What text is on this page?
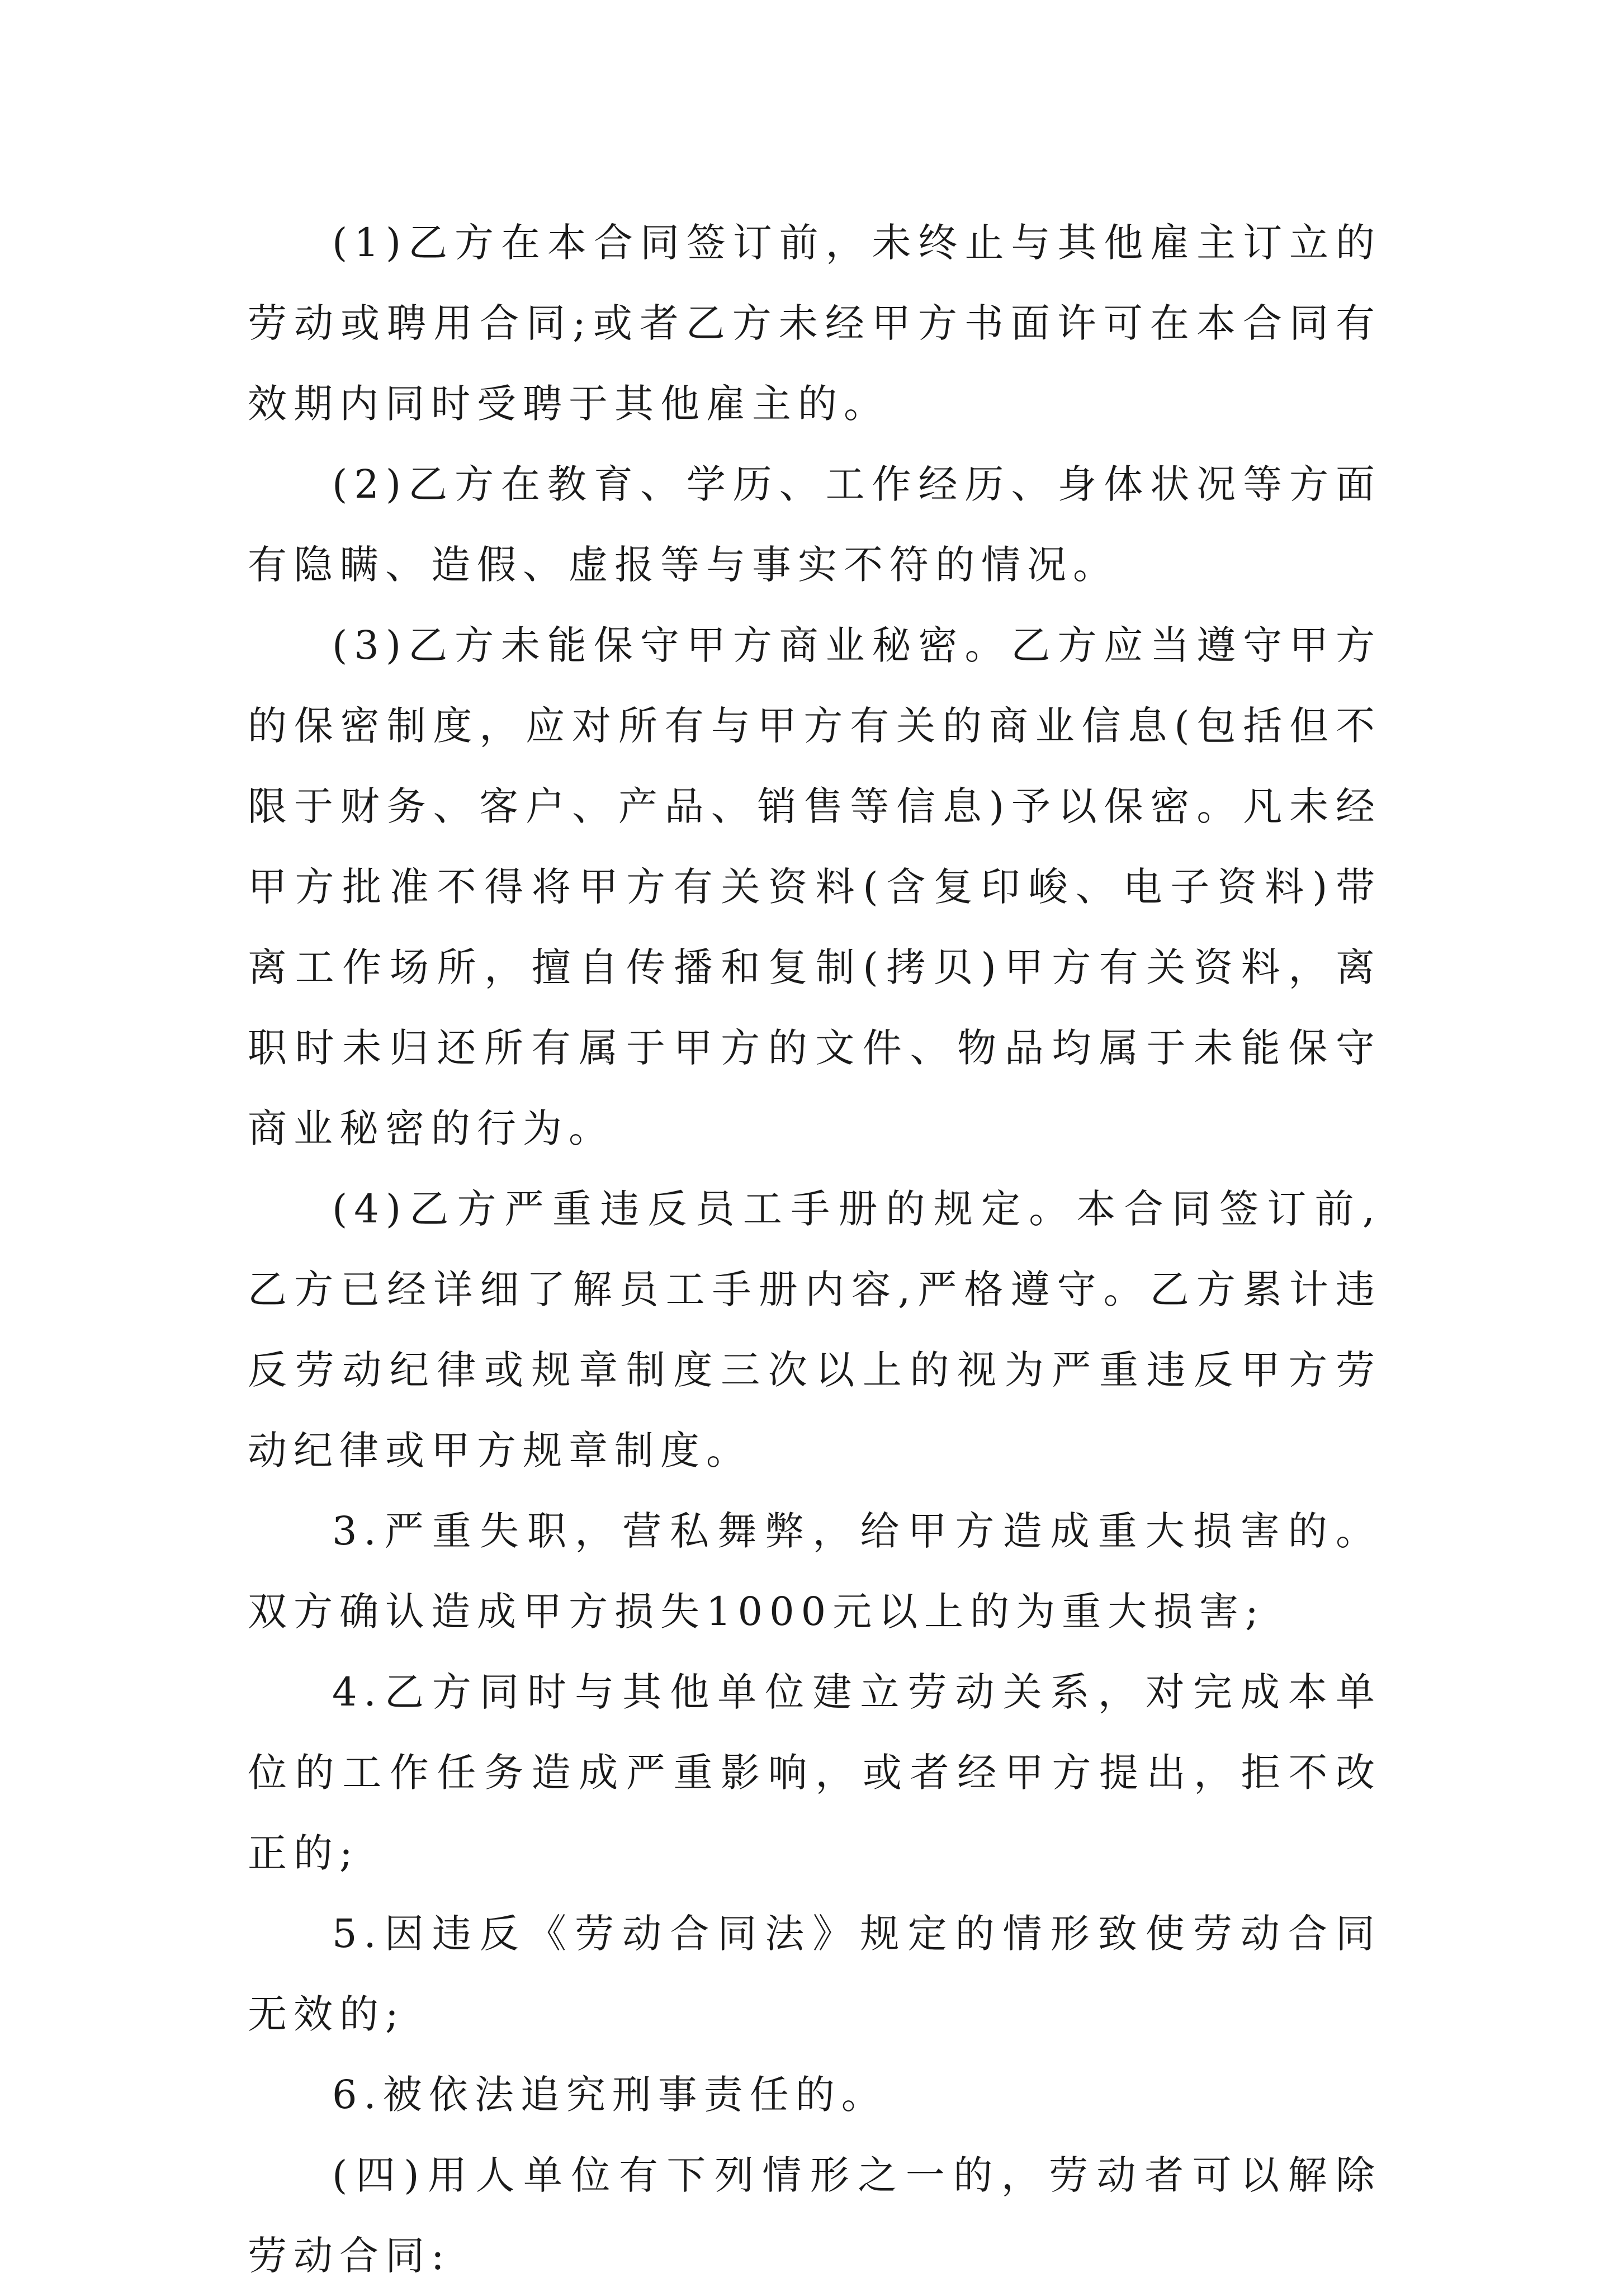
(1)乙方在本合同签订前，未终止与其他雇主订立的劳动或聘用合同;或者乙方未经甲方书面许可在本合同有效期内同时受聘于其他雇主的。

(2)乙方在教育、学历、工作经历、身体状况等方面有隐瞒、造假、虚报等与事实不符的情况。

(3)乙方未能保守甲方商业秘密。乙方应当遵守甲方的保密制度，应对所有与甲方有关的商业信息(包括但不限于财务、客户、产品、销售等信息)予以保密。凡未经甲方批准不得将甲方有关资料(含复印峻、电子资料)带离工作场所，擅自传播和复制(拷贝)甲方有关资料，离职时未归还所有属于甲方的文件、物品均属于未能保守商业秘密的行为。

(4)乙方严重违反员工手册的规定。本合同签订前,乙方已经详细了解员工手册内容,严格遵守。乙方累计违反劳动纪律或规章制度三次以上的视为严重违反甲方劳动纪律或甲方规章制度。

3.严重失职，营私舞弊，给甲方造成重大损害的。双方确认造成甲方损失1000元以上的为重大损害;

4.乙方同时与其他单位建立劳动关系，对完成本单位的工作任务造成严重影响，或者经甲方提出，拒不改正的;

5.因违反《劳动合同法》规定的情形致使劳动合同无效的;

6.被依法追究刑事责任的。

(四)用人单位有下列情形之一的，劳动者可以解除劳动合同:
